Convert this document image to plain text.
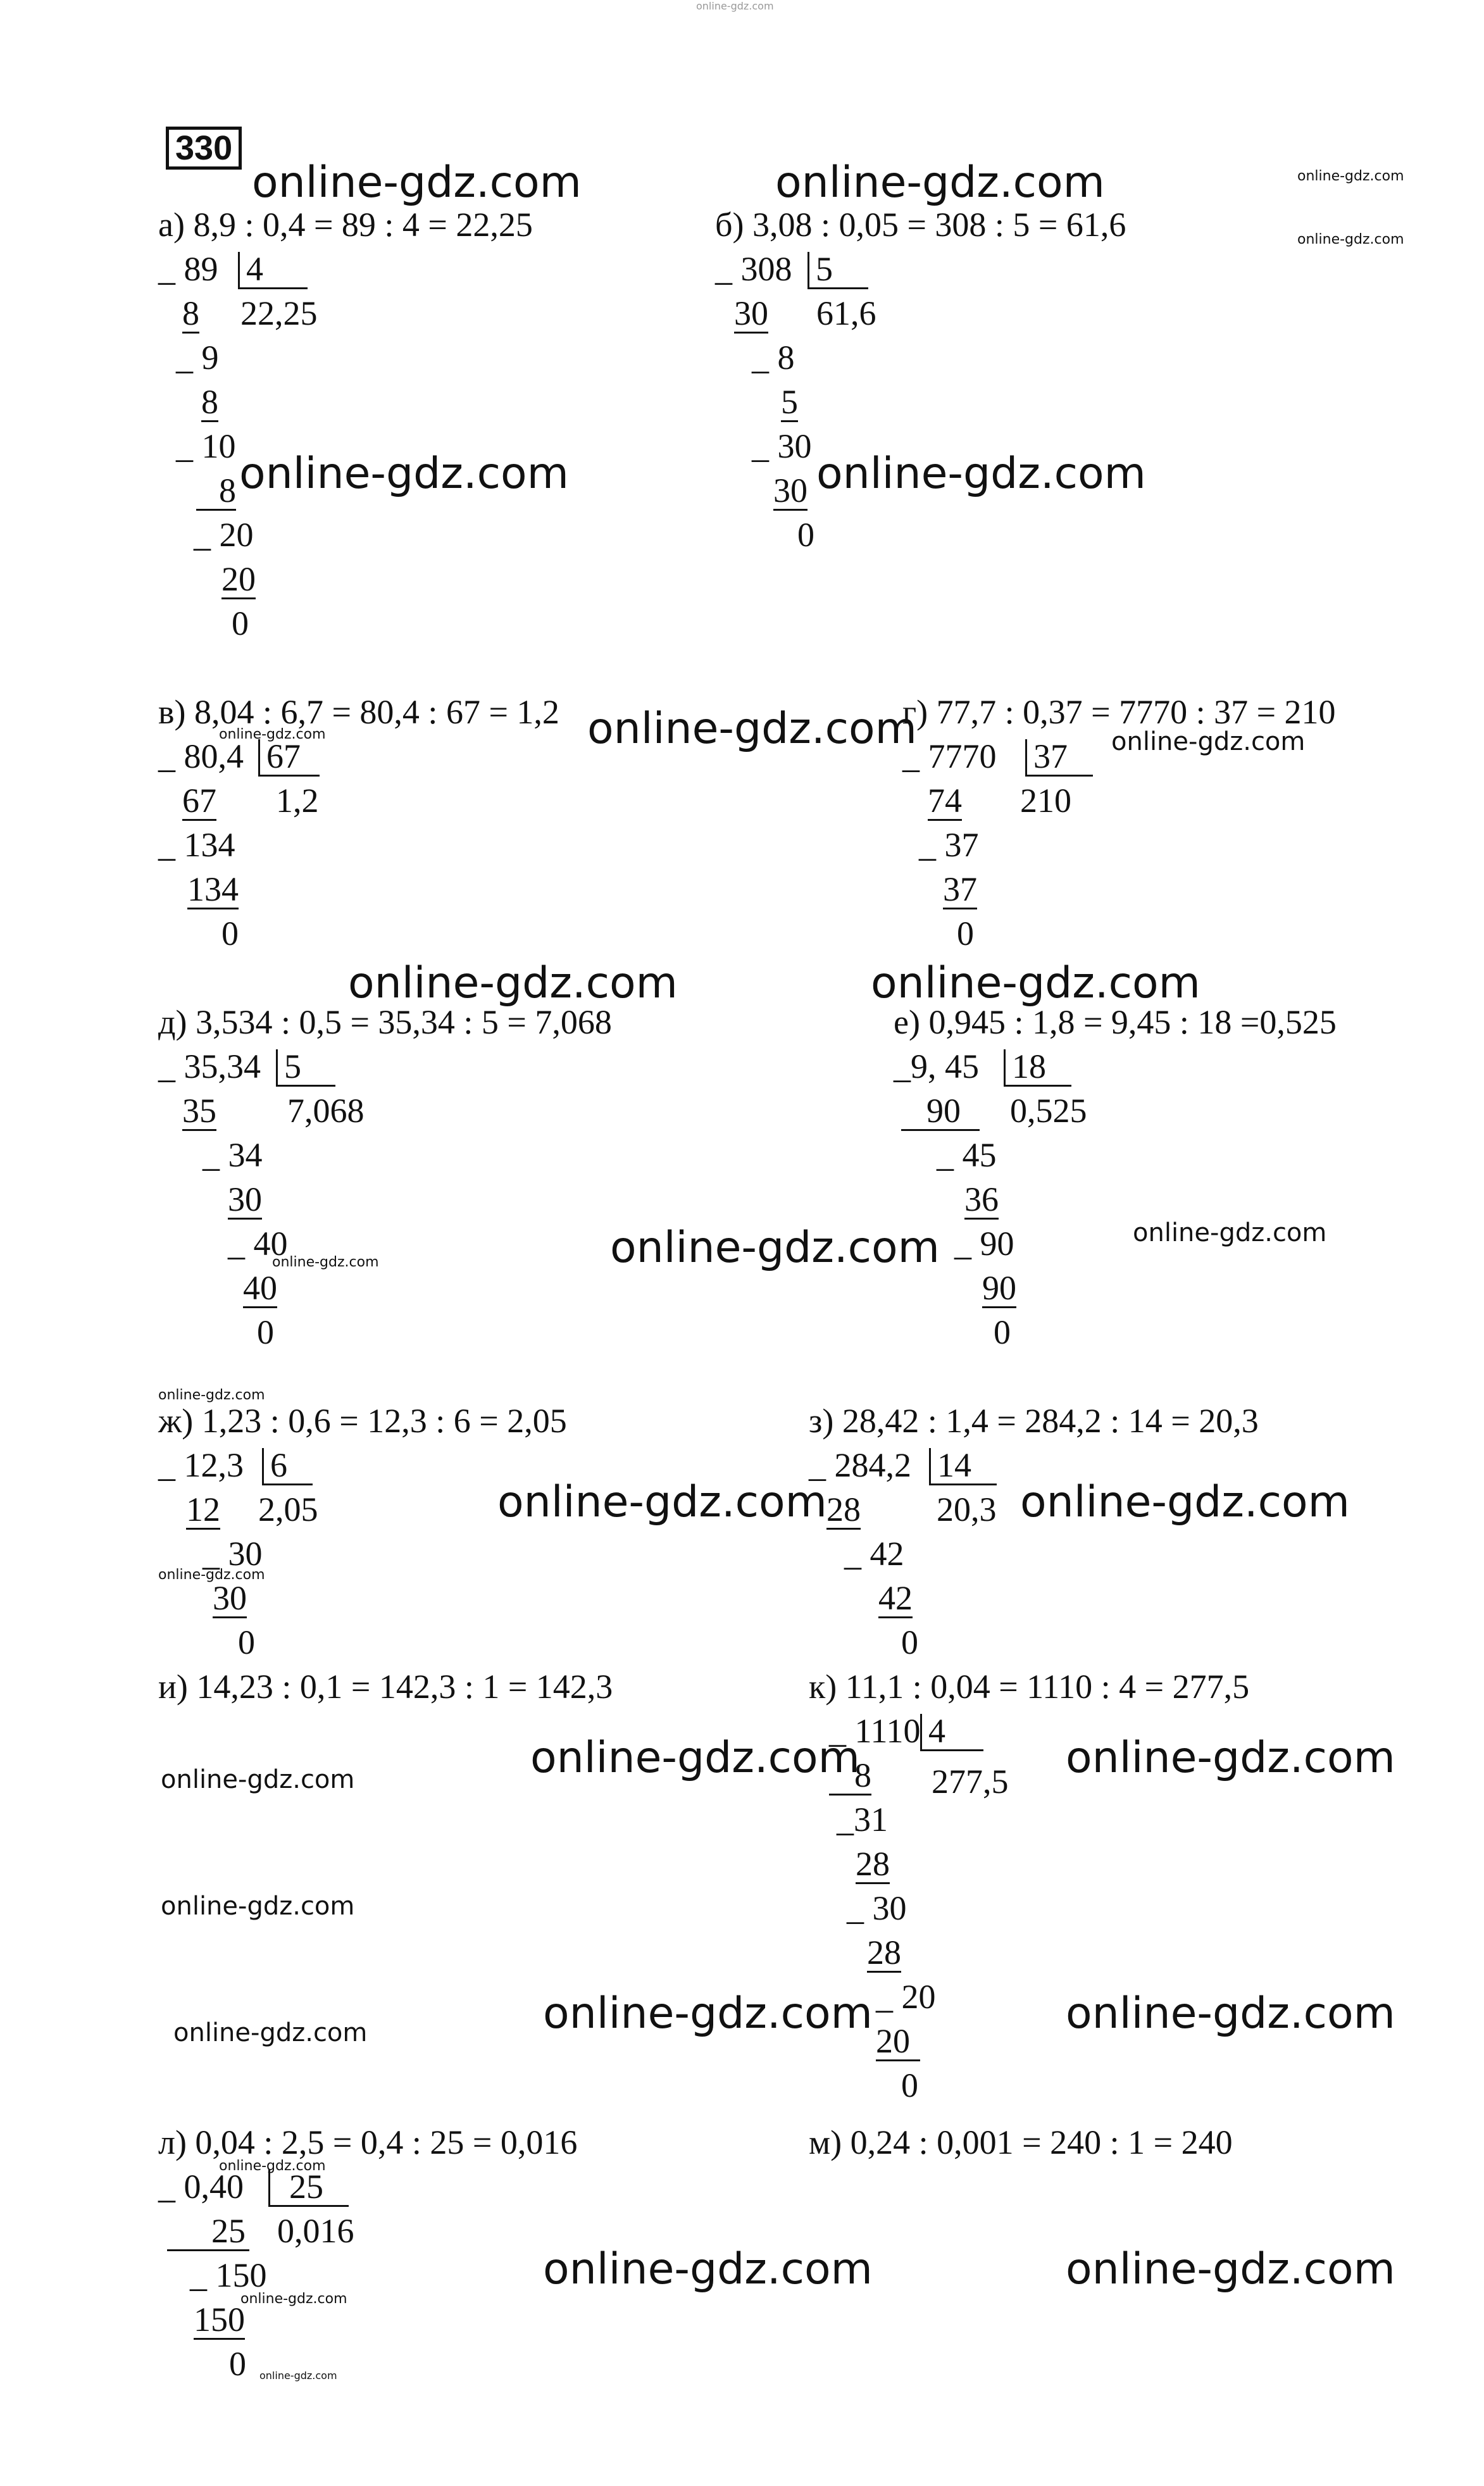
online-gdz.com
330
а) 8,9 : 0,4 = 89 : 4 = 22,25
_ 89 4
8 22,25
_ 9
8
_ 10
8
_ 20
20
0
б) 3,08 : 0,05 = 308 : 5 = 61,6
_ 308 5
30 61,6
_ 8
5
_ 30
30
0
в) 8,04 : 6,7 = 80,4 : 67 = 1,2
_ 80,4 67
67 1,2
_ 134
134
0
г) 77,7 : 0,37 = 7770 : 37 = 210
_ 7770 37
74 210
_ 37
37
0
д) 3,534 : 0,5 = 35,34 : 5 = 7,068
_ 35,34 5
35 7,068
_ 34
30
_ 40
40
0
е) 0,945 : 1,8 = 9,45 : 18 =0,525
_9, 45 18
90	0,525
_ 45
36
_ 90
90
0
ж) 1,23 : 0,6 = 12,3 : 6 = 2,05
_ 12,3 6
12 2,05
_ 30
30
0
з) 28,42 : 1,4 = 284,2 : 14 = 20,3
_ 284,2 14
28 20,3
_ 42
42
0
и) 14,23 : 0,1 = 142,3 : 1 = 142,3	к) 11,1 : 0,04 = 1110 : 4 = 277,5
_ 1110 4
8 277,5
_31
28
_ 30
28
_ 20
20
0
л) 0,04 : 2,5 = 0,4 : 25 = 0,016
_ 0,40	25
25 0,016
_ 150
150
0
м) 0,24 : 0,001 = 240 : 1 = 240
online-gdz.com	online-gdz.com	online-gdz.com
online-gdz.com
online-gdz.com	online-gdz.com
online-gdz.com	online-gdz.com	online-gdz.com
online-gdz.com	online-gdz.com
online-gdz.com	online-gdz.com	online-gdz.com
online-gdz.com
online-gdz.com	online-gdz.com
online-gdz.com
online-gdz.com	online-gdz.com	online-gdz.com
online-gdz.com
online-gdz.com	online-gdz.com	online-gdz.com
online-gdz.com
online-gdz.com
online-gdz.com	online-gdz.com
online-gdz.com
